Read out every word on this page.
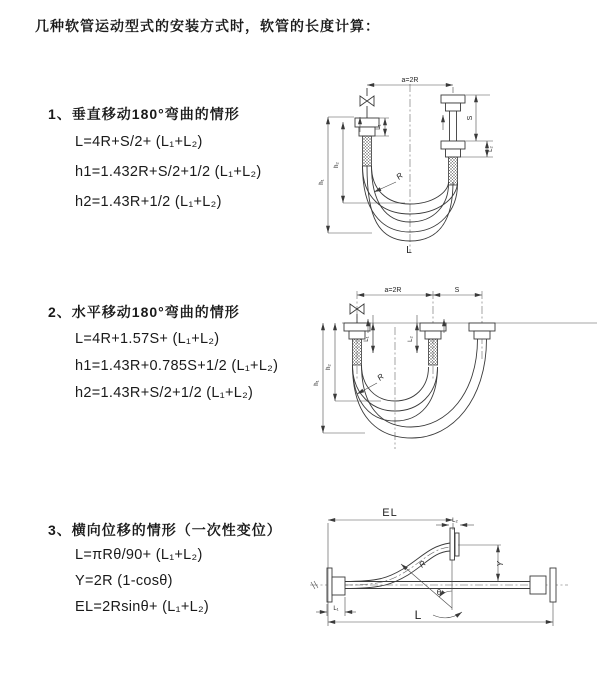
几种软管运动型式的安装方式时，软管的长度计算：
1、垂直移动180°弯曲的情形
L=4R+S/2+ (L₁+L₂)
h1=1.432R+S/2+1/2 (L₁+L₂)
h2=1.43R+1/2 (L₁+L₂)
2、水平移动180°弯曲的情形
L=4R+1.57S+ (L₁+L₂)
h1=1.43R+0.785S+1/2 (L₁+L₂)
h2=1.43R+S/2+1/2 (L₁+L₂)
3、横向位移的情形（一次性变位）
L=πRθ/90+ (L₁+L₂)
Y=2R (1-cosθ)
EL=2Rsinθ+ (L₁+L₂)
a=2R
L₁
S
L₂
h₁
h₂
R
L
a=2R	S
L₁	L₂
h₁
h₂
R
EL
L₂
Y
R
θ
L₁	L
